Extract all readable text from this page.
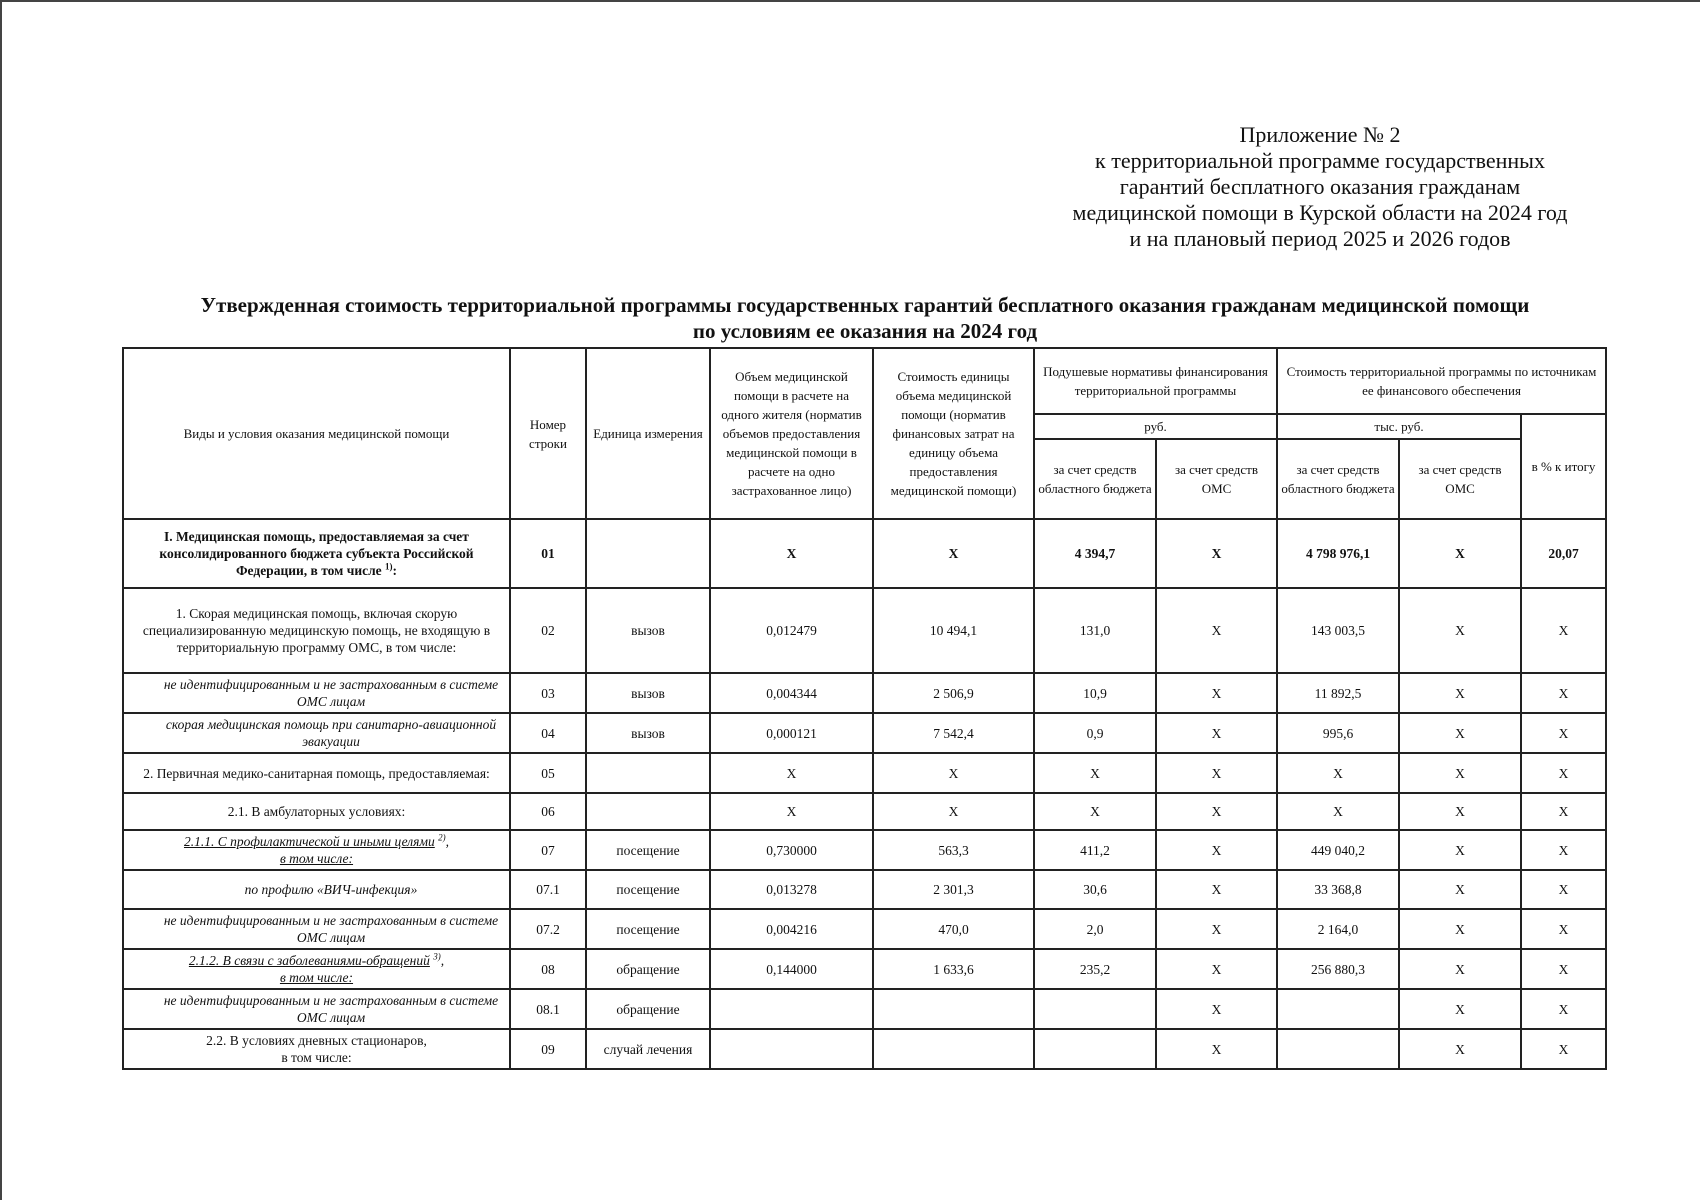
Приложение № 2
к территориальной программе государственных
гарантий бесплатного оказания гражданам
медицинской помощи в Курской области на 2024 год
и на плановый период 2025 и 2026 годов
Утвержденная стоимость территориальной программы государственных гарантий бесплатного оказания гражданам медицинской помощи
по условиям ее оказания на 2024 год
Виды и условия оказания медицинской помощи	Номер строки	Единица измерения	Объем медицинской помощи в расчете на одного жителя (норматив объемов предоставления медицинской помощи в расчете на одно застрахованное лицо)	Стоимость единицы объема медицинской помощи (норматив финансовых затрат на единицу объема предоставления медицинской помощи)	Подушевые нормативы финансирования территориальной программы		Стоимость территориальной программы по источникам ее финансового обеспечения		
					руб.		тыс. руб.		в % к итогу
					за счет средств областного бюджета	за счет средств ОМС	за счет средств областного бюджета	за счет средств ОМС	
I. Медицинская помощь, предоставляемая за счет консолидированного бюджета субъекта Российской Федерации, в том числе $^{1)}$:	01		X	X	4 394,7	X	4 798 976,1	X	20,07
1. Скорая медицинская помощь, включая скорую специализированную медицинскую помощь, не входящую в территориальную программу ОМС, в том числе:	02	вызов	0,012479	10 494,1	131,0	X	143 003,5	X	X
не идентифицированным и не застрахованным в системе ОМС лицам	03	вызов	0,004344	2 506,9	10,9	X	11 892,5	X	X
скорая медицинская помощь при санитарно-авиационной эвакуации	04	вызов	0,000121	7 542,4	0,9	X	995,6	X	X
2. Первичная медико-санитарная помощь, предоставляемая:	05		X	X	X	X	X	X	X
2.1. В амбулаторных условиях:	06		X	X	X	X	X	X	X
2.1.1. С профилактической и иными целями $^{2)}$,
в том числе:	07	посещение	0,730000	563,3	411,2	X	449 040,2	X	X
по профилю «ВИЧ-инфекция»	07.1	посещение	0,013278	2 301,3	30,6	X	33 368,8	X	X
не идентифицированным и не застрахованным в системе ОМС лицам	07.2	посещение	0,004216	470,0	2,0	X	2 164,0	X	X
2.1.2. В связи с заболеваниями-обращений $^{3)}$,
в том числе:	08	обращение	0,144000	1 633,6	235,2	X	256 880,3	X	X
не идентифицированным и не застрахованным в системе ОМС лицам	08.1	обращение				X		X	X
2.2. В условиях дневных стационаров,
в том числе:	09	случай лечения				X		X	X
